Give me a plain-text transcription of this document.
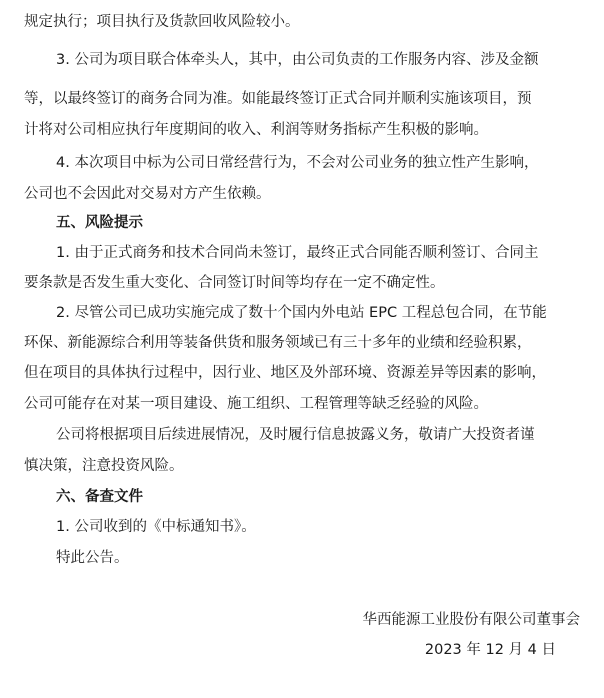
规定执行；项目执行及货款回收风险较小。
3. 公司为项目联合体牵头人，其中，由公司负责的工作服务内容、涉及金额
等，以最终签订的商务合同为准。如能最终签订正式合同并顺利实施该项目，预
计将对公司相应执行年度期间的收入、利润等财务指标产生积极的影响。
4. 本次项目中标为公司日常经营行为，不会对公司业务的独立性产生影响，
公司也不会因此对交易对方产生依赖。
五、风险提示
1. 由于正式商务和技术合同尚未签订，最终正式合同能否顺利签订、合同主
要条款是否发生重大变化、合同签订时间等均存在一定不确定性。
2. 尽管公司已成功实施完成了数十个国内外电站 EPC 工程总包合同，在节能
环保、新能源综合利用等装备供货和服务领域已有三十多年的业绩和经验积累，
但在项目的具体执行过程中，因行业、地区及外部环境、资源差异等因素的影响，
公司可能存在对某一项目建设、施工组织、工程管理等缺乏经验的风险。
公司将根据项目后续进展情况，及时履行信息披露义务，敬请广大投资者谨
慎决策，注意投资风险。
六、备查文件
1. 公司收到的《中标通知书》。
特此公告。
华西能源工业股份有限公司董事会
2023 年 12 月 4 日
